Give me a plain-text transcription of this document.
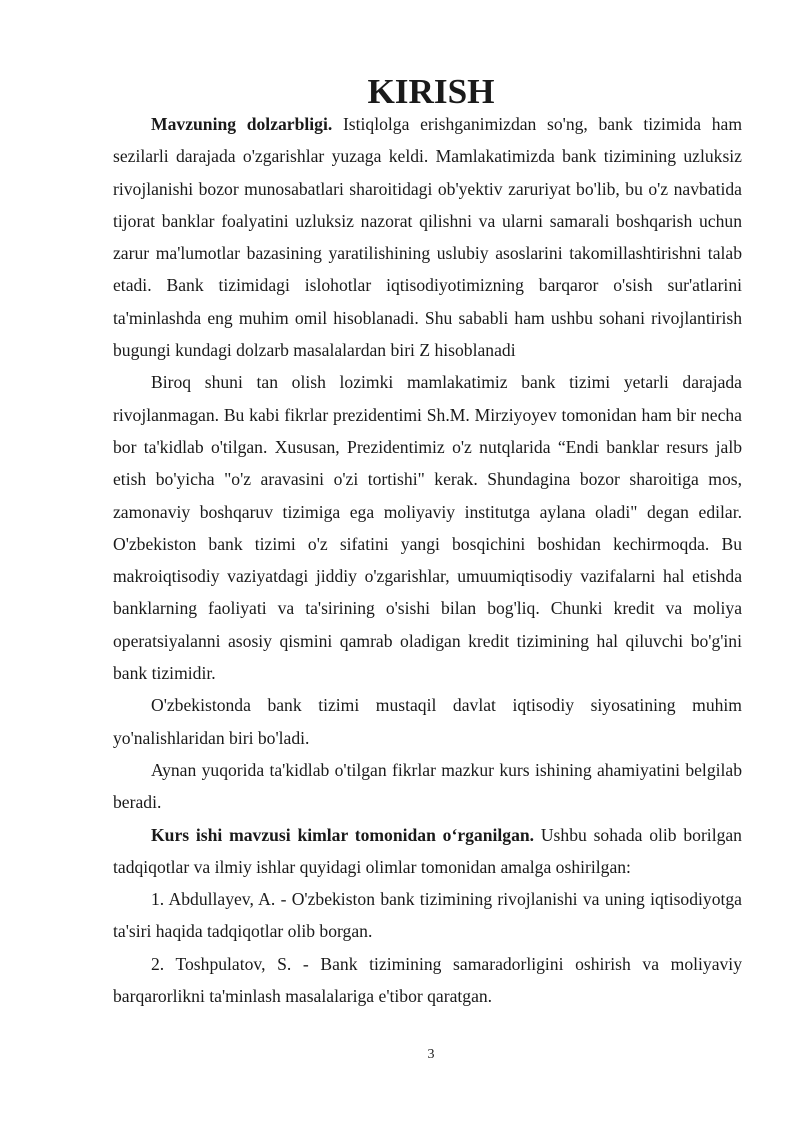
KIRISH

Mavzuning dolzarbligi. Istiqlolga erishganimizdan so'ng, bank tizimida ham sezilarli darajada o'zgarishlar yuzaga keldi. Mamlakatimizda bank tizimining uzluksiz rivojlanishi bozor munosabatlari sharoitidagi ob'yektiv zaruriyat bo'lib, bu o'z navbatida tijorat banklar foalyatini uzluksiz nazorat qilishni va ularni samarali boshqarish uchun zarur ma'lumotlar bazasining yaratilishining uslubiy asoslarini takomillashtirishni talab etadi. Bank tizimidagi islohotlar iqtisodiyotimizning barqaror o'sish sur'atlarini ta'minlashda eng muhim omil hisoblanadi. Shu sababli ham ushbu sohani rivojlantirish bugungi kundagi dolzarb masalalardan biri Z hisoblanadi

Biroq shuni tan olish lozimki mamlakatimiz bank tizimi yetarli darajada rivojlanmagan. Bu kabi fikrlar prezidentimi Sh.M. Mirziyoyev tomonidan ham bir necha bor ta'kidlab o'tilgan. Xususan, Prezidentimiz o'z nutqlarida “Endi banklar resurs jalb etish bo'yicha "o'z aravasini o'zi tortishi" kerak. Shundagina bozor sharoitiga mos, zamonaviy boshqaruv tizimiga ega moliyaviy institutga aylana oladi" degan edilar. O'zbekiston bank tizimi o'z sifatini yangi bosqichini boshidan kechirmoqda. Bu makroiqtisodiy vaziyatdagi jiddiy o'zgarishlar, umuumiqtisodiy vazifalarni hal etishda banklarning faoliyati va ta'sirining o'sishi bilan bog'liq. Chunki kredit va moliya operatsiyalanni asosiy qismini qamrab oladigan kredit tizimining hal qiluvchi bo'g'ini bank tizimidir.

O'zbekistonda bank tizimi mustaqil davlat iqtisodiy siyosatining muhim yo'nalishlaridan biri bo'ladi.

Aynan yuqorida ta'kidlab o'tilgan fikrlar mazkur kurs ishining ahamiyatini belgilab beradi.

Kurs ishi mavzusi kimlar tomonidan o‘rganilgan. Ushbu sohada olib borilgan tadqiqotlar va ilmiy ishlar quyidagi olimlar tomonidan amalga oshirilgan:

1. Abdullayev, A. - O'zbekiston bank tizimining rivojlanishi va uning iqtisodiyotga ta'siri haqida tadqiqotlar olib borgan.

2. Toshpulatov, S. - Bank tizimining samaradorligini oshirish va moliyaviy barqarorlikni ta'minlash masalalariga e'tibor qaratgan.

3
